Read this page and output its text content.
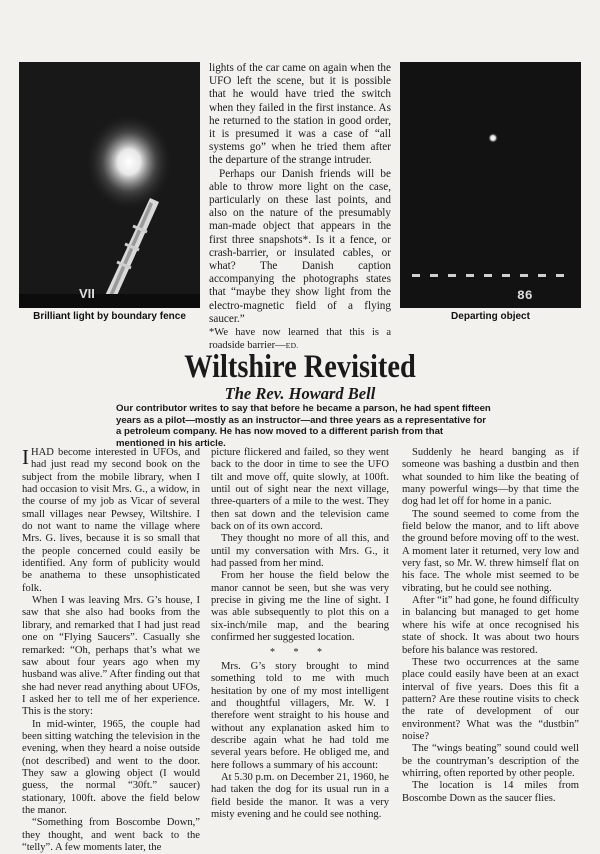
VII
Brilliant light by boundary fence

lights of the car came on again when the UFO left the scene, but it is possible that he would have tried the switch when they failed in the first instance. As he returned to the station in good order, it is presumed it was a case of “all systems go” when he tried them after the departure of the strange intruder.

Perhaps our Danish friends will be able to throw more light on the case, particularly on these last points, and also on the nature of the presumably man-made object that appears in the first three snapshots*. Is it a fence, or crash-barrier, or insulated cables, or what? The Danish caption accompanying the photographs states that “maybe they show light from the electro-magnetic field of a flying saucer.”

*We have now learned that this is a roadside barrier—ED.

86
Departing object
Wiltshire Revisited
The Rev. Howard Bell

Our contributor writes to say that before he became a parson, he had spent fifteen years as a pilot—mostly as an instructor—and three years as a representative for a petroleum company. He has now moved to a different parish from that mentioned in his article.

IHAD become interested in UFOs, and had just read my second book on the subject from the mobile library, when I had occasion to visit Mrs. G., a widow, in the course of my job as Vicar of several small villages near Pewsey, Wiltshire. I do not want to name the village where Mrs. G. lives, because it is so small that the people concerned could easily be identified. Any form of publicity would be anathema to these unsophisticated folk.

When I was leaving Mrs. G’s house, I saw that she also had books from the library, and remarked that I had just read one on “Flying Saucers”. Casually she remarked: “Oh, perhaps that’s what we saw about four years ago when my husband was alive.” After finding out that she had never read anything about UFOs, I asked her to tell me of her experience. This is the story:

In mid-winter, 1965, the couple had been sitting watching the television in the evening, when they heard a noise outside (not described) and went to the door. They saw a glowing object (I would guess, the normal “30ft.” saucer) stationary, 100ft. above the field below the manor.

“Something from Boscombe Down,” they thought, and went back to the “telly”. A few moments later, the

picture flickered and failed, so they went back to the door in time to see the UFO tilt and move off, quite slowly, at 100ft. until out of sight near the next village, three-quarters of a mile to the west. They then sat down and the television came back on of its own accord.

They thought no more of all this, and until my conversation with Mrs. G., it had passed from her mind.

From her house the field below the manor cannot be seen, but she was very precise in giving me the line of sight. I was able subsequently to plot this on a six-inch/mile map, and the bearing confirmed her suggested location.

* * *

Mrs. G’s story brought to mind something told to me with much hesitation by one of my most intelligent and thoughtful villagers, Mr. W. I therefore went straight to his house and without any explanation asked him to describe again what he had told me several years before. He obliged me, and here follows a summary of his account:

At 5.30 p.m. on December 21, 1960, he had taken the dog for its usual run in a field beside the manor. It was a very misty evening and he could see nothing.

Suddenly he heard banging as if someone was bashing a dustbin and then what sounded to him like the beating of many powerful wings—by that time the dog had let off for home in a panic.

The sound seemed to come from the field below the manor, and to lift above the ground before moving off to the west. A moment later it returned, very low and very fast, so Mr. W. threw himself flat on his face. The whole mist seemed to be vibrating, but he could see nothing.

After “it” had gone, he found difficulty in balancing but managed to get home where his wife at once recognised his state of shock. It was about two hours before his balance was restored.

These two occurrences at the same place could easily have been at an exact interval of five years. Does this fit a pattern? Are these routine visits to check the rate of development of our environment? What was the “dustbin” noise?

The “wings beating” sound could well be the countryman’s description of the whirring, often reported by other people.

The location is 14 miles from Boscombe Down as the saucer flies.
